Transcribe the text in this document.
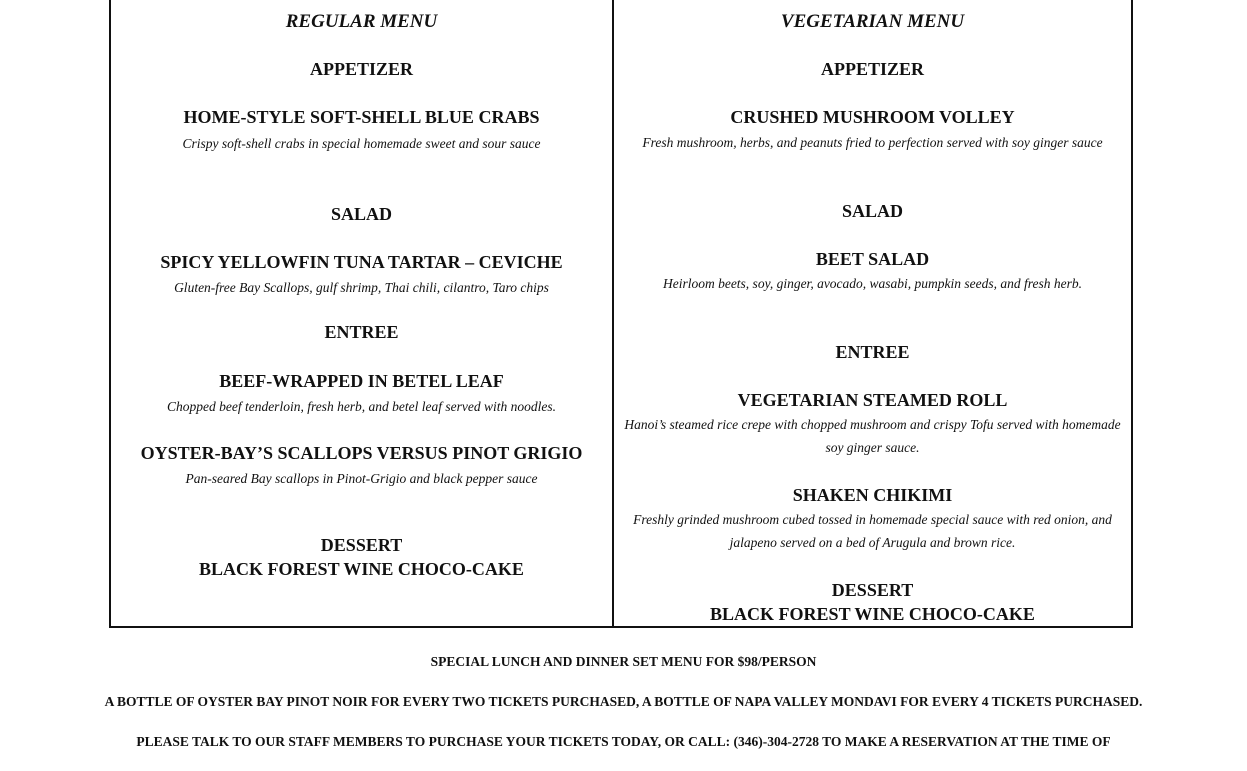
REGULAR MENU
APPETIZER
HOME-STYLE SOFT-SHELL BLUE CRABS
Crispy soft-shell crabs in special homemade sweet and sour sauce
SALAD
SPICY YELLOWFIN TUNA TARTAR – CEVICHE
Gluten-free Bay Scallops, gulf shrimp, Thai chili, cilantro, Taro chips
ENTREE
BEEF-WRAPPED IN BETEL LEAF
Chopped beef tenderloin, fresh herb, and betel leaf served with noodles.
OYSTER-BAY’S SCALLOPS VERSUS PINOT GRIGIO
Pan-seared Bay scallops in Pinot-Grigio and black pepper sauce
DESSERT
BLACK FOREST WINE CHOCO-CAKE
VEGETARIAN MENU
APPETIZER
CRUSHED MUSHROOM VOLLEY
Fresh mushroom, herbs, and peanuts fried to perfection served with soy ginger sauce
SALAD
BEET SALAD
Heirloom beets, soy, ginger, avocado, wasabi, pumpkin seeds, and fresh herb.
ENTREE
VEGETARIAN STEAMED ROLL
Hanoi’s steamed rice crepe with chopped mushroom and crispy Tofu served with homemade soy ginger sauce.
SHAKEN CHIKIMI
Freshly grinded mushroom cubed tossed in homemade special sauce with red onion, and jalapeno served on a bed of Arugula and brown rice.
DESSERT
BLACK FOREST WINE CHOCO-CAKE
SPECIAL LUNCH AND DINNER SET MENU FOR $98/PERSON
A BOTTLE OF OYSTER BAY PINOT NOIR FOR EVERY TWO TICKETS PURCHASED, A BOTTLE OF NAPA VALLEY MONDAVI FOR EVERY 4 TICKETS PURCHASED.
PLEASE TALK TO OUR STAFF MEMBERS TO PURCHASE YOUR TICKETS TODAY, OR CALL: (346)-304-2728 TO MAKE A RESERVATION AT THE TIME OF
